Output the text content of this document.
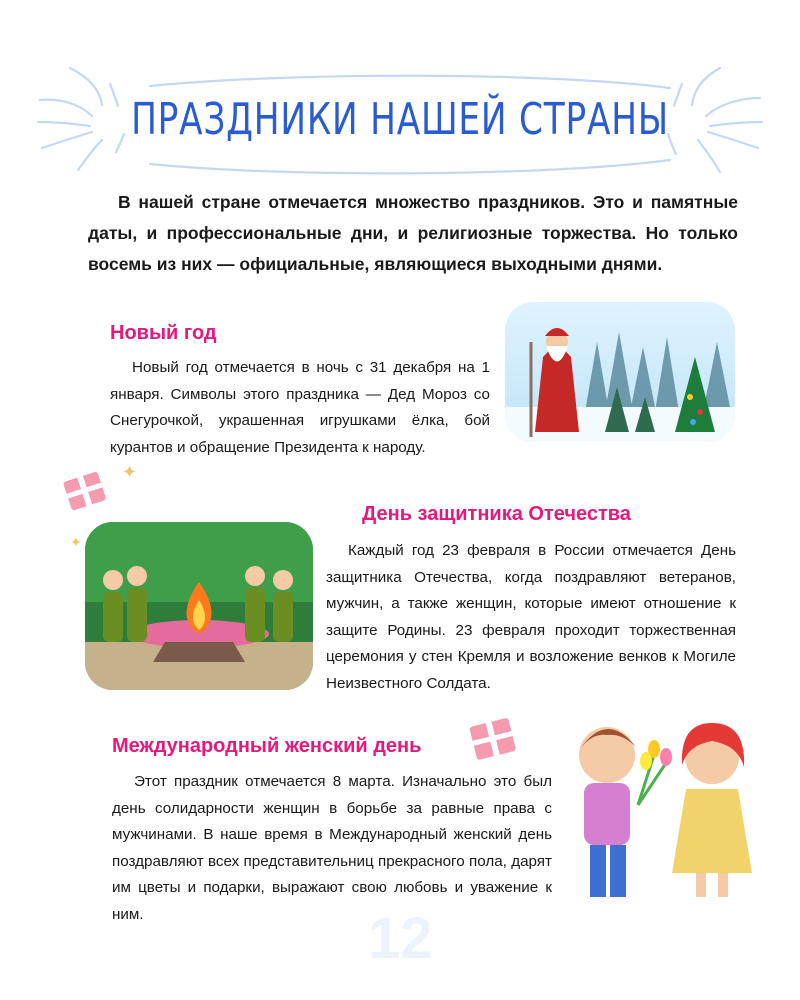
ПРАЗДНИКИ НАШЕЙ СТРАНЫ
В нашей стране отмечается множество праздников. Это и памятные даты, и профессиональные дни, и религиозные торжества. Но только восемь из них — официальные, являющиеся выходными днями.
Новый год
Новый год отмечается в ночь с 31 декабря на 1 января. Символы этого праздника — Дед Мороз со Снегурочкой, украшенная игрушками ёлка, бой курантов и обращение Президента к народу.
✦
✦
День защитника Отечества
Каждый год 23 февраля в России отмечается День защитника Отечества, когда поздравляют ветеранов, мужчин, а также женщин, которые имеют отношение к защите Родины. 23 февраля проходит торжественная церемония у стен Кремля и возложение венков к Могиле Неизвестного Солдата.
Международный женский день
Этот праздник отмечается 8 марта. Изначально это был день солидарности женщин в борьбе за равные права с мужчинами. В наше время в Международный женский день поздравляют всех представительниц прекрасного пола, дарят им цветы и подарки, выражают свою любовь и уважение к ним.	12
